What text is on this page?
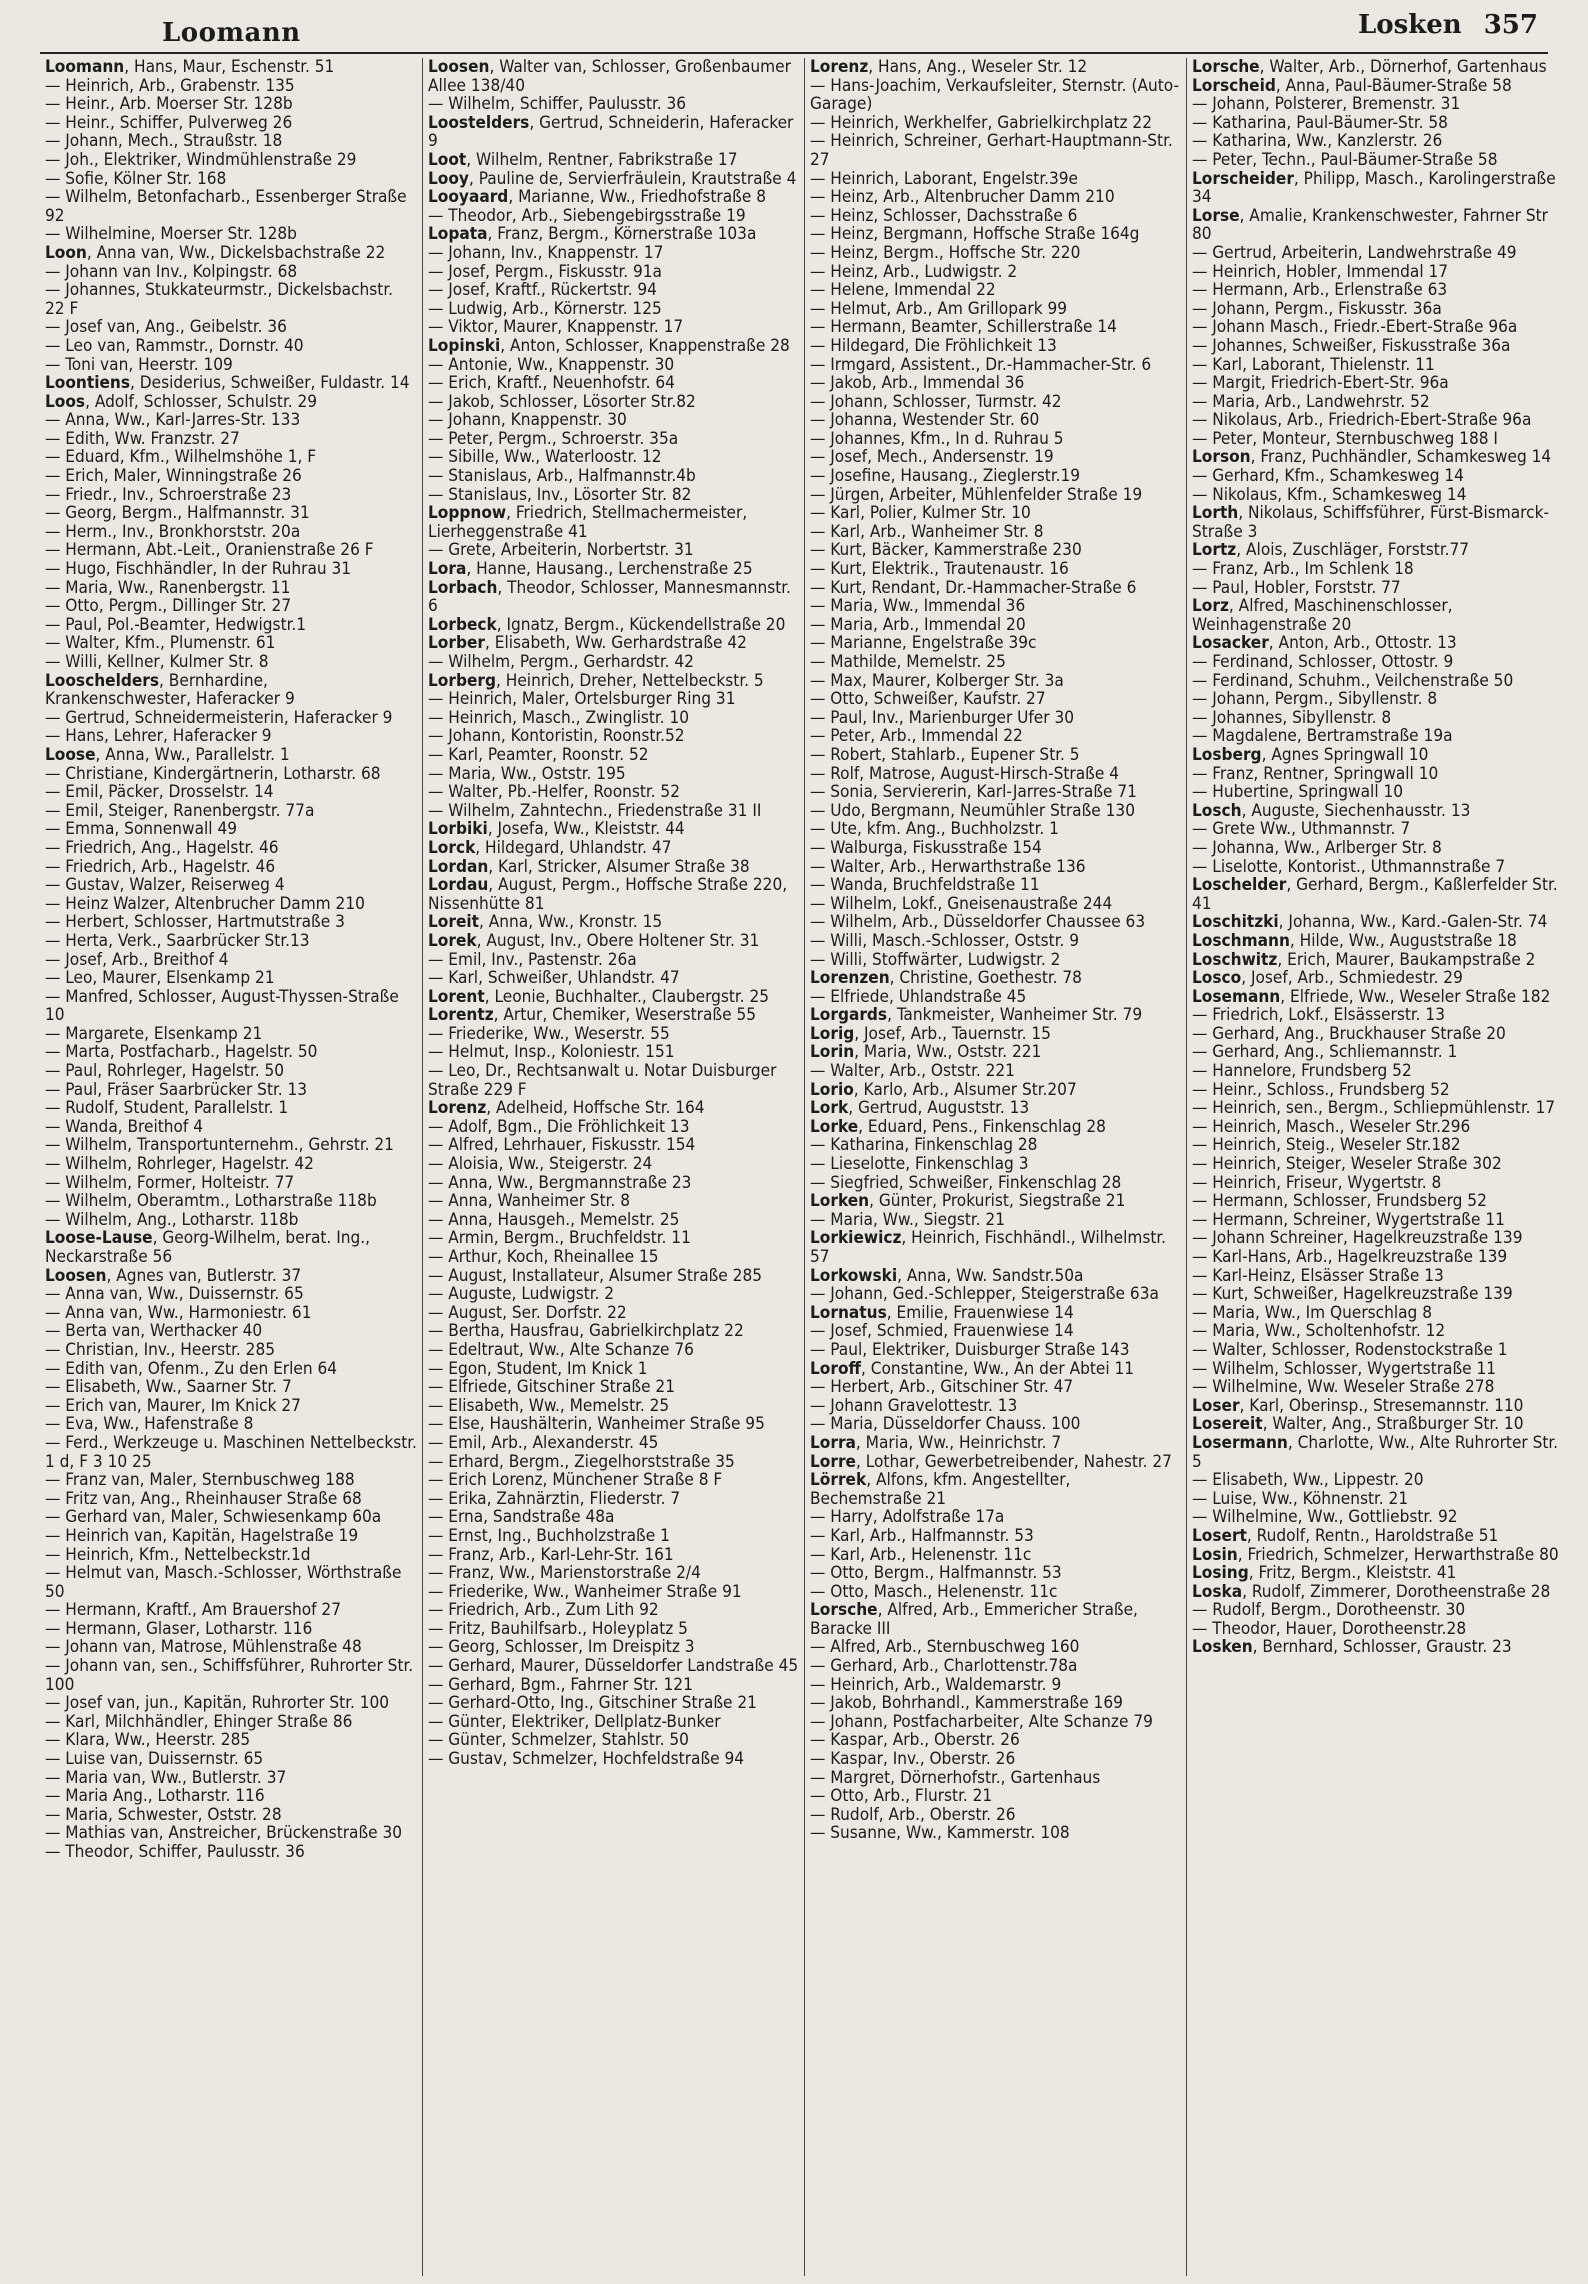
Loomann	Losken 357
Loomann, Hans, Maur, Eschenstr. 51
— Heinrich, Arb., Grabenstr. 135
— Heinr., Arb. Moerser Str. 128b
— Heinr., Schiffer, Pulverweg 26
— Johann, Mech., Straußstr. 18
— Joh., Elektriker, Windmühlenstraße 29
— Sofie, Kölner Str. 168
— Wilhelm, Betonfacharb., Essenberger Straße 92
— Wilhelmine, Moerser Str. 128b
Loon, Anna van, Ww., Dickelsbachstraße 22
— Johann van Inv., Kolpingstr. 68
— Johannes, Stukkateurmstr., Dickelsbachstr. 22 F
— Josef van, Ang., Geibelstr. 36
— Leo van, Rammstr., Dornstr. 40
— Toni van, Heerstr. 109
Loontiens, Desiderius, Schweißer, Fuldastr. 14
Loos, Adolf, Schlosser, Schulstr. 29
— Anna, Ww., Karl-Jarres-Str. 133
— Edith, Ww. Franzstr. 27
— Eduard, Kfm., Wilhelmshöhe 1, F
— Erich, Maler, Winningstraße 26
— Friedr., Inv., Schroerstraße 23
— Georg, Bergm., Halfmannstr. 31
— Herm., Inv., Bronkhorststr. 20a
— Hermann, Abt.-Leit., Oranienstraße 26 F
— Hugo, Fischhändler, In der Ruhrau 31
— Maria, Ww., Ranenbergstr. 11
— Otto, Pergm., Dillinger Str. 27
— Paul, Pol.-Beamter, Hedwigstr.1
— Walter, Kfm., Plumenstr. 61
— Willi, Kellner, Kulmer Str. 8
Looschelders, Bernhardine, Krankenschwester, Haferacker 9
— Gertrud, Schneidermeisterin, Haferacker 9
— Hans, Lehrer, Haferacker 9
Loose, Anna, Ww., Parallelstr. 1
— Christiane, Kindergärtnerin, Lotharstr. 68
— Emil, Päcker, Drosselstr. 14
— Emil, Steiger, Ranenbergstr. 77a
— Emma, Sonnenwall 49
— Friedrich, Ang., Hagelstr. 46
— Friedrich, Arb., Hagelstr. 46
— Gustav, Walzer, Reiserweg 4
— Heinz Walzer, Altenbrucher Damm 210
— Herbert, Schlosser, Hartmutstraße 3
— Herta, Verk., Saarbrücker Str.13
— Josef, Arb., Breithof 4
— Leo, Maurer, Elsenkamp 21
— Manfred, Schlosser, August-Thyssen-Straße 10
— Margarete, Elsenkamp 21
— Marta, Postfacharb., Hagelstr. 50
— Paul, Rohrleger, Hagelstr. 50
— Paul, Fräser Saarbrücker Str. 13
— Rudolf, Student, Parallelstr. 1
— Wanda, Breithof 4
— Wilhelm, Transportunternehm., Gehrstr. 21
— Wilhelm, Rohrleger, Hagelstr. 42
— Wilhelm, Former, Holteistr. 77
— Wilhelm, Oberamtm., Lotharstraße 118b
— Wilhelm, Ang., Lotharstr. 118b
Loose-Lause, Georg-Wilhelm, berat. Ing., Neckarstraße 56
Loosen, Agnes van, Butlerstr. 37
— Anna van, Ww., Duissernstr. 65
— Anna van, Ww., Harmoniestr. 61
— Berta van, Werthacker 40
— Christian, Inv., Heerstr. 285
— Edith van, Ofenm., Zu den Erlen 64
— Elisabeth, Ww., Saarner Str. 7
— Erich van, Maurer, Im Knick 27
— Eva, Ww., Hafenstraße 8
— Ferd., Werkzeuge u. Maschinen Nettelbeckstr. 1 d, F 3 10 25
— Franz van, Maler, Sternbuschweg 188
— Fritz van, Ang., Rheinhauser Straße 68
— Gerhard van, Maler, Schwiesenkamp 60a
— Heinrich van, Kapitän, Hagelstraße 19
— Heinrich, Kfm., Nettelbeckstr.1d
— Helmut van, Masch.-Schlosser, Wörthstraße 50
— Hermann, Kraftf., Am Brauershof 27
— Hermann, Glaser, Lotharstr. 116
— Johann van, Matrose, Mühlenstraße 48
— Johann van, sen., Schiffsführer, Ruhrorter Str. 100
— Josef van, jun., Kapitän, Ruhrorter Str. 100
— Karl, Milchhändler, Ehinger Straße 86
— Klara, Ww., Heerstr. 285
— Luise van, Duissernstr. 65
— Maria van, Ww., Butlerstr. 37
— Maria Ang., Lotharstr. 116
— Maria, Schwester, Oststr. 28
— Mathias van, Anstreicher, Brückenstraße 30
— Theodor, Schiffer, Paulusstr. 36
Loosen, Walter van, Schlosser, Großenbaumer Allee 138/40
— Wilhelm, Schiffer, Paulusstr. 36
Loostelders, Gertrud, Schneiderin, Haferacker 9
Loot, Wilhelm, Rentner, Fabrikstraße 17
Looy, Pauline de, Servierfräulein, Krautstraße 4
Looyaard, Marianne, Ww., Friedhofstraße 8
— Theodor, Arb., Siebengebirgsstraße 19
Lopata, Franz, Bergm., Körnerstraße 103a
— Johann, Inv., Knappenstr. 17
— Josef, Pergm., Fiskusstr. 91a
— Josef, Kraftf., Rückertstr. 94
— Ludwig, Arb., Körnerstr. 125
— Viktor, Maurer, Knappenstr. 17
Lopinski, Anton, Schlosser, Knappenstraße 28
— Antonie, Ww., Knappenstr. 30
— Erich, Kraftf., Neuenhofstr. 64
— Jakob, Schlosser, Lösorter Str.82
— Johann, Knappenstr. 30
— Peter, Pergm., Schroerstr. 35a
— Sibille, Ww., Waterloostr. 12
— Stanislaus, Arb., Halfmannstr.4b
— Stanislaus, Inv., Lösorter Str. 82
Loppnow, Friedrich, Stellmachermeister, Lierheggenstraße 41
— Grete, Arbeiterin, Norbertstr. 31
Lora, Hanne, Hausang., Lerchenstraße 25
Lorbach, Theodor, Schlosser, Mannesmannstr. 6
Lorbeck, Ignatz, Bergm., Kückendellstraße 20
Lorber, Elisabeth, Ww. Gerhardstraße 42
— Wilhelm, Pergm., Gerhardstr. 42
Lorberg, Heinrich, Dreher, Nettelbeckstr. 5
— Heinrich, Maler, Ortelsburger Ring 31
— Heinrich, Masch., Zwinglistr. 10
— Johann, Kontoristin, Roonstr.52
— Karl, Peamter, Roonstr. 52
— Maria, Ww., Oststr. 195
— Walter, Pb.-Helfer, Roonstr. 52
— Wilhelm, Zahntechn., Friedenstraße 31 II
Lorbiki, Josefa, Ww., Kleiststr. 44
Lorck, Hildegard, Uhlandstr. 47
Lordan, Karl, Stricker, Alsumer Straße 38
Lordau, August, Pergm., Hoffsche Straße 220, Nissenhütte 81
Loreit, Anna, Ww., Kronstr. 15
Lorek, August, Inv., Obere Holtener Str. 31
— Emil, Inv., Pastenstr. 26a
— Karl, Schweißer, Uhlandstr. 47
Lorent, Leonie, Buchhalter., Claubergstr. 25
Lorentz, Artur, Chemiker, Weserstraße 55
— Friederike, Ww., Weserstr. 55
— Helmut, Insp., Koloniestr. 151
— Leo, Dr., Rechtsanwalt u. Notar Duisburger Straße 229 F
Lorenz, Adelheid, Hoffsche Str. 164
— Adolf, Bgm., Die Fröhlichkeit 13
— Alfred, Lehrhauer, Fiskusstr. 154
— Aloisia, Ww., Steigerstr. 24
— Anna, Ww., Bergmannstraße 23
— Anna, Wanheimer Str. 8
— Anna, Hausgeh., Memelstr. 25
— Armin, Bergm., Bruchfeldstr. 11
— Arthur, Koch, Rheinallee 15
— August, Installateur, Alsumer Straße 285
— Auguste, Ludwigstr. 2
— August, Ser. Dorfstr. 22
— Bertha, Hausfrau, Gabrielkirchplatz 22
— Edeltraut, Ww., Alte Schanze 76
— Egon, Student, Im Knick 1
— Elfriede, Gitschiner Straße 21
— Elisabeth, Ww., Memelstr. 25
— Else, Haushälterin, Wanheimer Straße 95
— Emil, Arb., Alexanderstr. 45
— Erhard, Bergm., Ziegelhorststraße 35
— Erich Lorenz, Münchener Straße 8 F
— Erika, Zahnärztin, Fliederstr. 7
— Erna, Sandstraße 48a
— Ernst, Ing., Buchholzstraße 1
— Franz, Arb., Karl-Lehr-Str. 161
— Franz, Ww., Marienstorstraße 2/4
— Friederike, Ww., Wanheimer Straße 91
— Friedrich, Arb., Zum Lith 92
— Fritz, Bauhilfsarb., Holeyplatz 5
— Georg, Schlosser, Im Dreispitz 3
— Gerhard, Maurer, Düsseldorfer Landstraße 45
— Gerhard, Bgm., Fahrner Str. 121
— Gerhard-Otto, Ing., Gitschiner Straße 21
— Günter, Elektriker, Dellplatz-Bunker
— Günter, Schmelzer, Stahlstr. 50
— Gustav, Schmelzer, Hochfeldstraße 94
Lorenz, Hans, Ang., Weseler Str. 12
— Hans-Joachim, Verkaufsleiter, Sternstr. (Auto-Garage)
— Heinrich, Werkhelfer, Gabrielkirchplatz 22
— Heinrich, Schreiner, Gerhart-Hauptmann-Str. 27
— Heinrich, Laborant, Engelstr.39e
— Heinz, Arb., Altenbrucher Damm 210
— Heinz, Schlosser, Dachsstraße 6
— Heinz, Bergmann, Hoffsche Straße 164g
— Heinz, Bergm., Hoffsche Str. 220
— Heinz, Arb., Ludwigstr. 2
— Helene, Immendal 22
— Helmut, Arb., Am Grillopark 99
— Hermann, Beamter, Schillerstraße 14
— Hildegard, Die Fröhlichkeit 13
— Irmgard, Assistent., Dr.-Hammacher-Str. 6
— Jakob, Arb., Immendal 36
— Johann, Schlosser, Turmstr. 42
— Johanna, Westender Str. 60
— Johannes, Kfm., In d. Ruhrau 5
— Josef, Mech., Andersenstr. 19
— Josefine, Hausang., Zieglerstr.19
— Jürgen, Arbeiter, Mühlenfelder Straße 19
— Karl, Polier, Kulmer Str. 10
— Karl, Arb., Wanheimer Str. 8
— Kurt, Bäcker, Kammerstraße 230
— Kurt, Elektrik., Trautenaustr. 16
— Kurt, Rendant, Dr.-Hammacher-Straße 6
— Maria, Ww., Immendal 36
— Maria, Arb., Immendal 20
— Marianne, Engelstraße 39c
— Mathilde, Memelstr. 25
— Max, Maurer, Kolberger Str. 3a
— Otto, Schweißer, Kaufstr. 27
— Paul, Inv., Marienburger Ufer 30
— Peter, Arb., Immendal 22
— Robert, Stahlarb., Eupener Str. 5
— Rolf, Matrose, August-Hirsch-Straße 4
— Sonia, Serviererin, Karl-Jarres-Straße 71
— Udo, Bergmann, Neumühler Straße 130
— Ute, kfm. Ang., Buchholzstr. 1
— Walburga, Fiskusstraße 154
— Walter, Arb., Herwarthstraße 136
— Wanda, Bruchfeldstraße 11
— Wilhelm, Lokf., Gneisenaustraße 244
— Wilhelm, Arb., Düsseldorfer Chaussee 63
— Willi, Masch.-Schlosser, Oststr. 9
— Willi, Stoffwärter, Ludwigstr. 2
Lorenzen, Christine, Goethestr. 78
— Elfriede, Uhlandstraße 45
Lorgards, Tankmeister, Wanheimer Str. 79
Lorig, Josef, Arb., Tauernstr. 15
Lorin, Maria, Ww., Oststr. 221
— Walter, Arb., Oststr. 221
Lorio, Karlo, Arb., Alsumer Str.207
Lork, Gertrud, Auguststr. 13
Lorke, Eduard, Pens., Finkenschlag 28
— Katharina, Finkenschlag 28
— Lieselotte, Finkenschlag 3
— Siegfried, Schweißer, Finkenschlag 28
Lorken, Günter, Prokurist, Siegstraße 21
— Maria, Ww., Siegstr. 21
Lorkiewicz, Heinrich, Fischhändl., Wilhelmstr. 57
Lorkowski, Anna, Ww. Sandstr.50a
— Johann, Ged.-Schlepper, Steigerstraße 63a
Lornatus, Emilie, Frauenwiese 14
— Josef, Schmied, Frauenwiese 14
— Paul, Elektriker, Duisburger Straße 143
Loroff, Constantine, Ww., An der Abtei 11
— Herbert, Arb., Gitschiner Str. 47
— Johann Gravelottestr. 13
— Maria, Düsseldorfer Chauss. 100
Lorra, Maria, Ww., Heinrichstr. 7
Lorre, Lothar, Gewerbetreibender, Nahestr. 27
Lörrek, Alfons, kfm. Angestellter, Bechemstraße 21
— Harry, Adolfstraße 17a
— Karl, Arb., Halfmannstr. 53
— Karl, Arb., Helenenstr. 11c
— Otto, Bergm., Halfmannstr. 53
— Otto, Masch., Helenenstr. 11c
Lorsche, Alfred, Arb., Emmericher Straße, Baracke III
— Alfred, Arb., Sternbuschweg 160
— Gerhard, Arb., Charlottenstr.78a
— Heinrich, Arb., Waldemarstr. 9
— Jakob, Bohrhandl., Kammerstraße 169
— Johann, Postfacharbeiter, Alte Schanze 79
— Kaspar, Arb., Oberstr. 26
— Kaspar, Inv., Oberstr. 26
— Margret, Dörnerhofstr., Gartenhaus
— Otto, Arb., Flurstr. 21
— Rudolf, Arb., Oberstr. 26
— Susanne, Ww., Kammerstr. 108
Lorsche, Walter, Arb., Dörnerhof, Gartenhaus
Lorscheid, Anna, Paul-Bäumer-Straße 58
— Johann, Polsterer, Bremenstr. 31
— Katharina, Paul-Bäumer-Str. 58
— Katharina, Ww., Kanzlerstr. 26
— Peter, Techn., Paul-Bäumer-Straße 58
Lorscheider, Philipp, Masch., Karolingerstraße 34
Lorse, Amalie, Krankenschwester, Fahrner Str 80
— Gertrud, Arbeiterin, Landwehrstraße 49
— Heinrich, Hobler, Immendal 17
— Hermann, Arb., Erlenstraße 63
— Johann, Pergm., Fiskusstr. 36a
— Johann Masch., Friedr.-Ebert-Straße 96a
— Johannes, Schweißer, Fiskusstraße 36a
— Karl, Laborant, Thielenstr. 11
— Margit, Friedrich-Ebert-Str. 96a
— Maria, Arb., Landwehrstr. 52
— Nikolaus, Arb., Friedrich-Ebert-Straße 96a
— Peter, Monteur, Sternbuschweg 188 I
Lorson, Franz, Puchhändler, Schamkesweg 14
— Gerhard, Kfm., Schamkesweg 14
— Nikolaus, Kfm., Schamkesweg 14
Lorth, Nikolaus, Schiffsführer, Fürst-Bismarck-Straße 3
Lortz, Alois, Zuschläger, Forststr.77
— Franz, Arb., Im Schlenk 18
— Paul, Hobler, Forststr. 77
Lorz, Alfred, Maschinenschlosser, Weinhagenstraße 20
Losacker, Anton, Arb., Ottostr. 13
— Ferdinand, Schlosser, Ottostr. 9
— Ferdinand, Schuhm., Veilchenstraße 50
— Johann, Pergm., Sibyllenstr. 8
— Johannes, Sibyllenstr. 8
— Magdalene, Bertramstraße 19a
Losberg, Agnes Springwall 10
— Franz, Rentner, Springwall 10
— Hubertine, Springwall 10
Losch, Auguste, Siechenhausstr. 13
— Grete Ww., Uthmannstr. 7
— Johanna, Ww., Arlberger Str. 8
— Liselotte, Kontorist., Uthmannstraße 7
Loschelder, Gerhard, Bergm., Kaßlerfelder Str. 41
Loschitzki, Johanna, Ww., Kard.-Galen-Str. 74
Loschmann, Hilde, Ww., Auguststraße 18
Loschwitz, Erich, Maurer, Baukampstraße 2
Losco, Josef, Arb., Schmiedestr. 29
Losemann, Elfriede, Ww., Weseler Straße 182
— Friedrich, Lokf., Elsässerstr. 13
— Gerhard, Ang., Bruckhauser Straße 20
— Gerhard, Ang., Schliemannstr. 1
— Hannelore, Frundsberg 52
— Heinr., Schloss., Frundsberg 52
— Heinrich, sen., Bergm., Schliepmühlenstr. 17
— Heinrich, Masch., Weseler Str.296
— Heinrich, Steig., Weseler Str.182
— Heinrich, Steiger, Weseler Straße 302
— Heinrich, Friseur, Wygertstr. 8
— Hermann, Schlosser, Frundsberg 52
— Hermann, Schreiner, Wygertstraße 11
— Johann Schreiner, Hagelkreuzstraße 139
— Karl-Hans, Arb., Hagelkreuzstraße 139
— Karl-Heinz, Elsässer Straße 13
— Kurt, Schweißer, Hagelkreuzstraße 139
— Maria, Ww., Im Querschlag 8
— Maria, Ww., Scholtenhofstr. 12
— Walter, Schlosser, Rodenstockstraße 1
— Wilhelm, Schlosser, Wygertstraße 11
— Wilhelmine, Ww. Weseler Straße 278
Loser, Karl, Oberinsp., Stresemannstr. 110
Losereit, Walter, Ang., Straßburger Str. 10
Losermann, Charlotte, Ww., Alte Ruhrorter Str. 5
— Elisabeth, Ww., Lippestr. 20
— Luise, Ww., Köhnenstr. 21
— Wilhelmine, Ww., Gottliebstr. 92
Losert, Rudolf, Rentn., Haroldstraße 51
Losin, Friedrich, Schmelzer, Herwarthstraße 80
Losing, Fritz, Bergm., Kleiststr. 41
Loska, Rudolf, Zimmerer, Dorotheenstraße 28
— Rudolf, Bergm., Dorotheenstr. 30
— Theodor, Hauer, Dorotheenstr.28
Losken, Bernhard, Schlosser, Graustr. 23
